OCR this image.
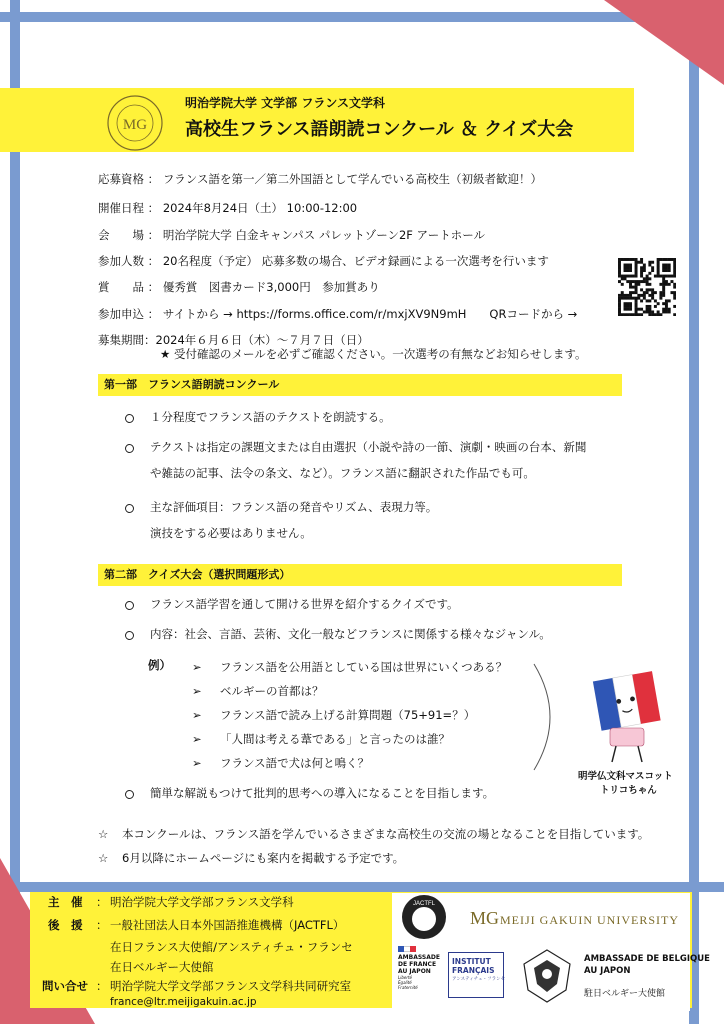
MG
明治学院大学 文学部 フランス文学科
高校生フランス語朗読コンクール ＆ クイズ大会
応募資格 ： フランス語を第一／第二外国語として学んでいる高校生（初級者歓迎！）
開催日程 ： 2024年8月24日（土） 10:00-12:00
会　　場 ： 明治学院大学 白金キャンパス パレットゾーン2F アートホール
参加人数 ： 20名程度（予定） 応募多数の場合、ビデオ録画による一次選考を行います
賞　　品 ： 優秀賞　図書カード3,000円　参加賞あり
参加申込 ： サイトから → https://forms.office.com/r/mxjXV9N9mH　　QRコードから →
募集期間：2024年６月６日（木）～７月７日（日）
★ 受付確認のメールを必ずご確認ください。一次選考の有無などお知らせします。
第一部　フランス語朗読コンクール
１分程度でフランス語のテクストを朗読する。
テクストは指定の課題文または自由選択（小説や詩の一節、演劇・映画の台本、新聞
や雑誌の記事、法令の条文、など）。フランス語に翻訳された作品でも可。
主な評価項目：フランス語の発音やリズム、表現力等。
演技をする必要はありません。
第二部　クイズ大会（選択問題形式）
フランス語学習を通して開ける世界を紹介するクイズです。
内容：社会、言語、芸術、文化一般などフランスに関係する様々なジャンル。
例） ➢ フランス語を公用語としている国は世界にいくつある？
➢ ベルギーの首都は？
➢ フランス語で読み上げる計算問題（75+91=？）
➢ 「人間は考える葦である」と言ったのは誰？
➢ フランス語で犬は何と鳴く？
明学仏文科マスコット
トリコちゃん
簡単な解説もつけて批判的思考への導入になることを目指します。
☆ 本コンクールは、フランス語を学んでいるさまざまな高校生の交流の場となることを目指しています。
☆ 6月以降にホームページにも案内を掲載する予定です。
主　催 ： 明治学院大学文学部フランス文学科
後　援 ： 一般社団法人日本外国語推進機構（JACTFL）
在日フランス大使館/アンスティチュ・フランセ
在日ベルギー大使館
問い合せ ： 明治学院大学文学部フランス文学科共同研究室
france@ltr.meijigakuin.ac.jp
JACTFL
MG MEIJI GAKUIN UNIVERSITY
AMBASSADE
DE FRANCE
AU JAPON
Liberté
Égalité
Fraternité
INSTITUT
FRANÇAIS
アンスティチュ・フランセ
AMBASSADE DE BELGIQUE
AU JAPON
駐日ベルギー大使館
